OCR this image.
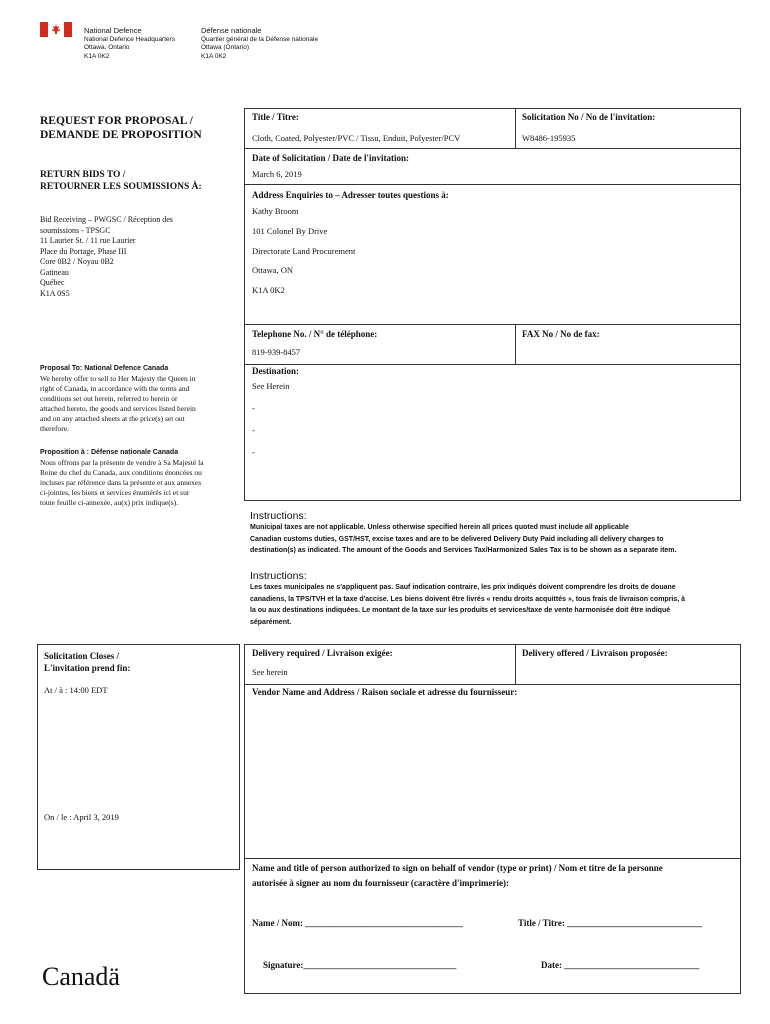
National Defence
National Defence Headquarters
Ottawa, Ontario
K1A 0K2
Défense nationale
Quartier général de la Défense nationale
Ottawa (Ontario)
K1A 0K2
REQUEST FOR PROPOSAL /
DEMANDE DE PROPOSITION
RETURN BIDS TO /
RETOURNER LES SOUMISSIONS À:
Bid Receiving – PWGSC / Réception des
soumissions - TPSGC
11 Laurier St. / 11 rue Laurier
Place du Portage, Phase III
Core 0B2 / Noyau 0B2
Gatineau
Québec
K1A 0S5
Proposal To: National Defence Canada
We hereby offer to sell to Her Majesty the Queen in
right of Canada, in accordance with the terms and
conditions set out herein, referred to herein or
attached hereto, the goods and services listed herein
and on any attached sheets at the price(s) set out
therefore.
Proposition à : Défense nationale Canada
Nous offrons par la présente de vendre à Sa Majesté la
Reine du chef du Canada, aux conditions énoncées ou
incluses par référence dans la présente et aux annexes
ci-jointes, les biens et services énumérés ici et sur
toute feuille ci-annexée, au(x) prix indique(s).
Solicitation Closes /
L'invitation prend fin:
At / à : 14:00 EDT
On / le : April 3, 2019
Canadä
Title / Titre:
Cloth, Coated, Polyester/PVC / Tissu, Enduit, Polyester/PCV
Solicitation No / No de l'invitation:
W8486-195935
Date of Solicitation / Date de l'invitation:
March 6, 2019
Address Enquiries to – Adresser toutes questions à:
Kathy Broom
101 Colonel By Drive
Directorate Land Procurement
Ottawa, ON
K1A 0K2
Telephone No. / N° de téléphone:
819-939-8457
FAX No / No de fax:
Destination:
See Herein
-
-
-
Instructions:
Municipal taxes are not applicable. Unless otherwise specified herein all prices quoted must include all applicable
Canadian customs duties, GST/HST, excise taxes and are to be delivered Delivery Duty Paid including all delivery charges to
destination(s) as indicated. The amount of the Goods and Services Tax/Harmonized Sales Tax is to be shown as a separate item.
Instructions:
Les taxes municipales ne s'appliquent pas. Sauf indication contraire, les prix indiqués doivent comprendre les droits de douane
canadiens, la TPS/TVH et la taxe d'accise. Les biens doivent être livrés « rendu droits acquittés », tous frais de livraison compris, à
la ou aux destinations indiquées. Le montant de la taxe sur les produits et services/taxe de vente harmonisée doit être indiqué
séparément.
Delivery required / Livraison exigée:
See herein
Delivery offered / Livraison proposée:
Vendor Name and Address / Raison sociale et adresse du fournisseur:
Name and title of person authorized to sign on behalf of vendor (type or print) / Nom et titre de la personne
autorisée à signer au nom du fournisseur (caractère d'imprimerie):
Name / Nom: ___________________________________	Title / Titre: ______________________________
Signature:__________________________________	Date: ______________________________
